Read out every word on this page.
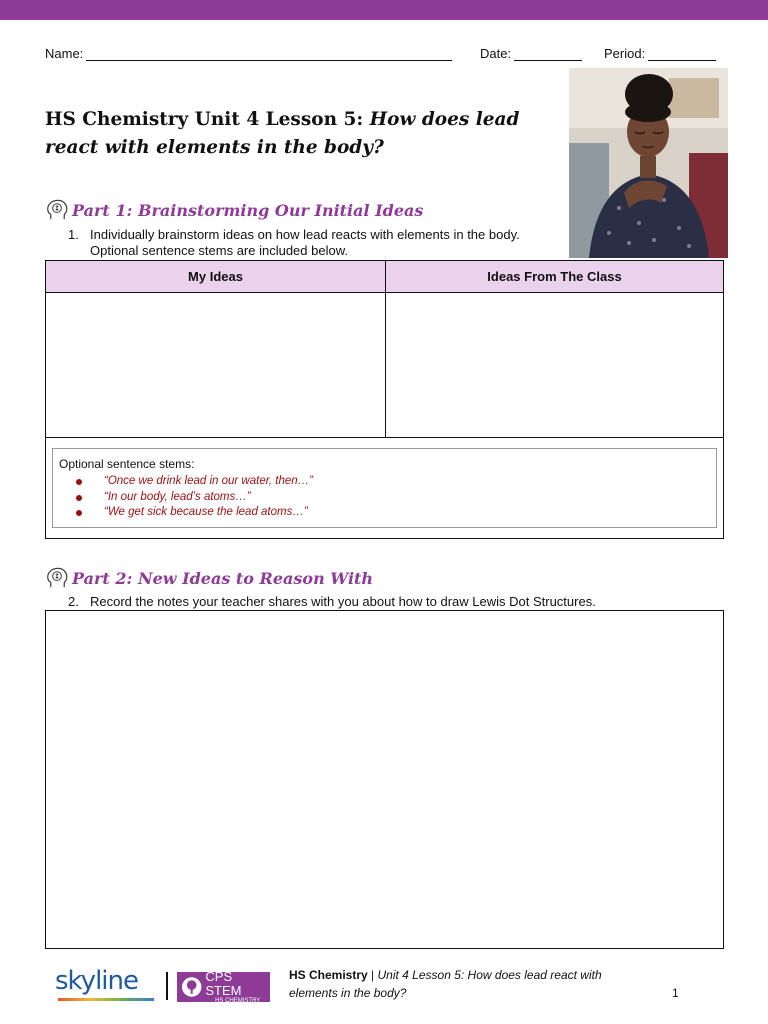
Name:	Date:	Period:
HS Chemistry Unit 4 Lesson 5: How does lead react with elements in the body?
Part 1: Brainstorming Our Initial Ideas
1. Individually brainstorm ideas on how lead reacts with elements in the body.
Optional sentence stems are included below.
My Ideas	Ideas From The Class
Optional sentence stems:
“Once we drink lead in our water, then…”
“In our body, lead’s atoms…”
“We get sick because the lead atoms…”
Part 2: New Ideas to Reason With
2. Record the notes your teacher shares with you about how to draw Lewis Dot Structures.
skyline	CPS STEM
HS CHEMISTRY
HS Chemistry | Unit 4 Lesson 5: How does lead react with elements in the body?	1
